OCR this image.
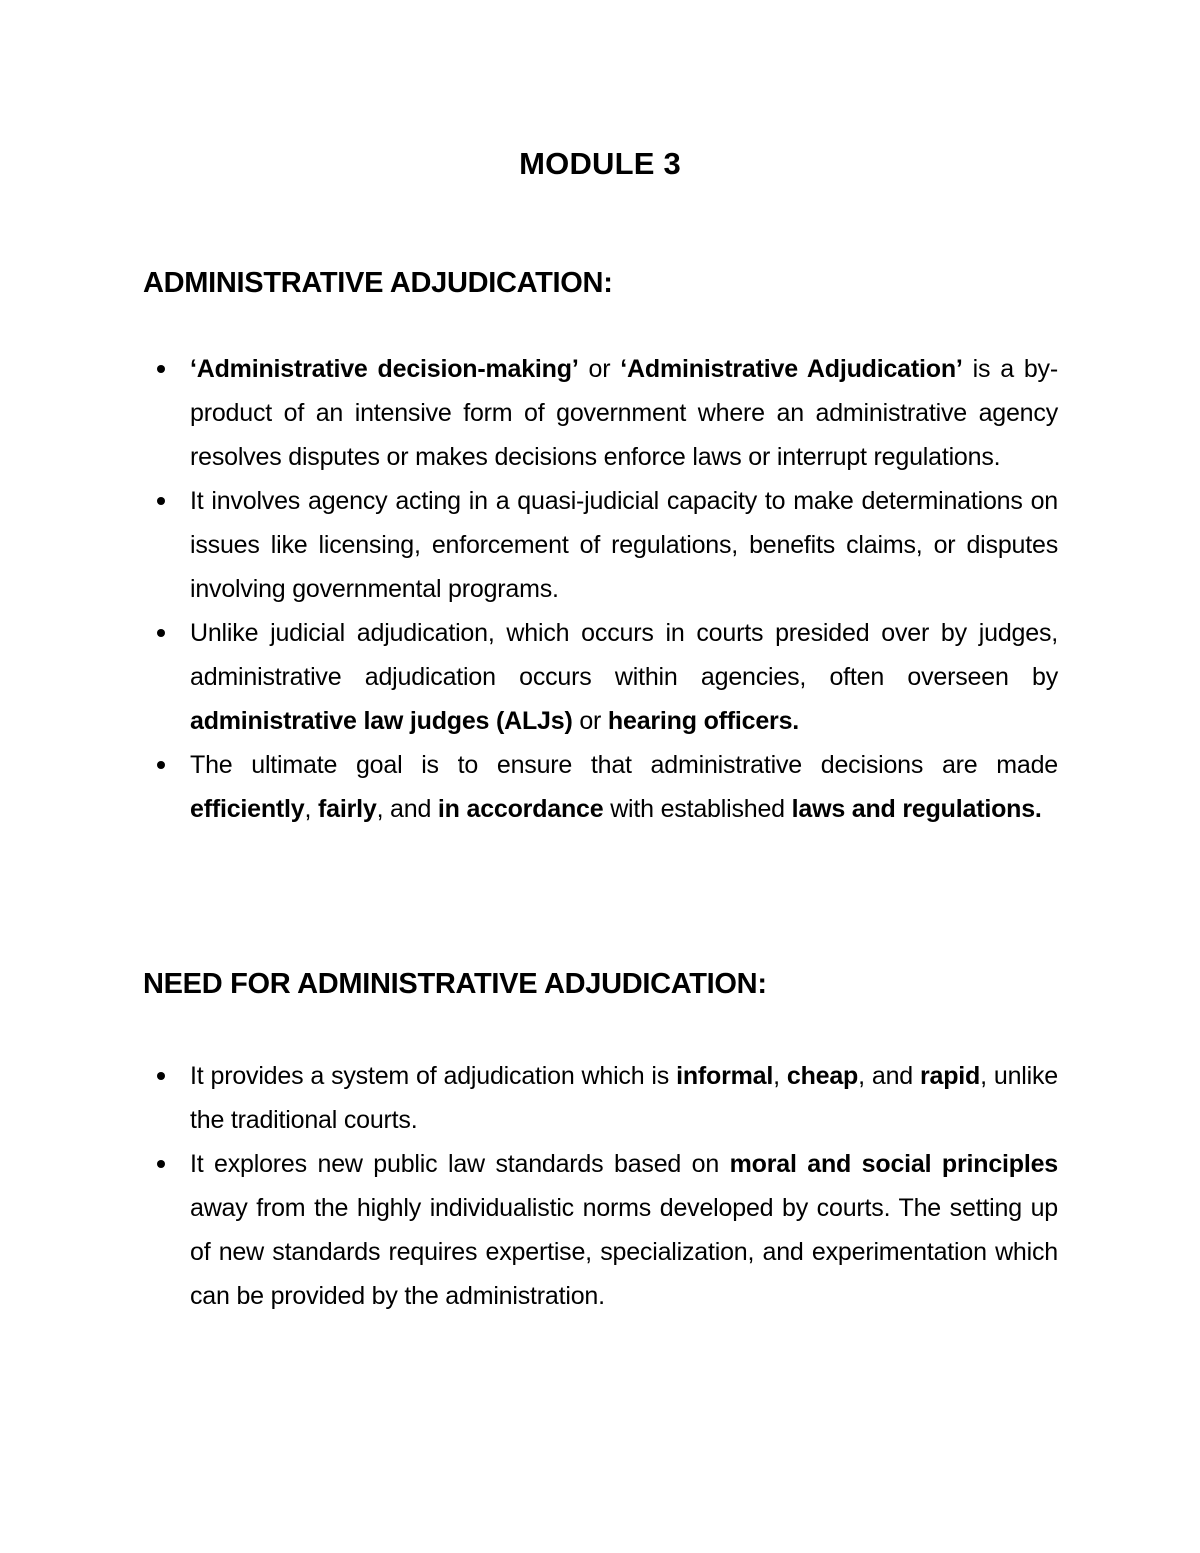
MODULE 3
ADMINISTRATIVE ADJUDICATION:
‘Administrative decision-making’ or ‘Administrative Adjudication’ is a by-product of an intensive form of government where an administrative agency resolves disputes or makes decisions enforce laws or interrupt regulations.
It involves agency acting in a quasi-judicial capacity to make determinations on issues like licensing, enforcement of regulations, benefits claims, or disputes involving governmental programs.
Unlike judicial adjudication, which occurs in courts presided over by judges, administrative adjudication occurs within agencies, often overseen by administrative law judges (ALJs) or hearing officers.
The ultimate goal is to ensure that administrative decisions are made efficiently, fairly, and in accordance with established laws and regulations.
NEED FOR ADMINISTRATIVE ADJUDICATION:
It provides a system of adjudication which is informal, cheap, and rapid, unlike the traditional courts.
It explores new public law standards based on moral and social principles away from the highly individualistic norms developed by courts. The setting up of new standards requires expertise, specialization, and experimentation which can be provided by the administration.
